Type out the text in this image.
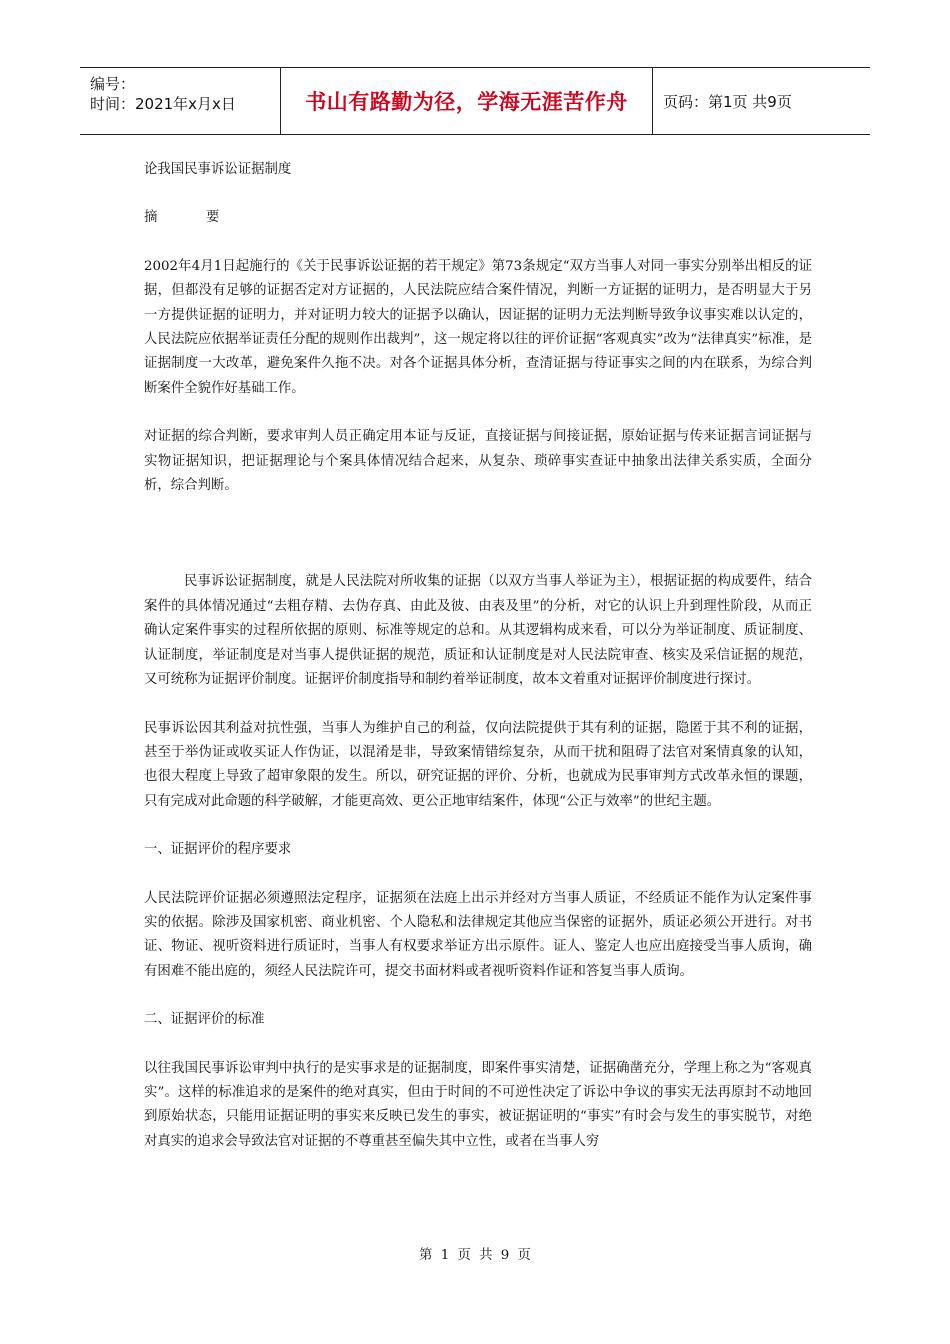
编号：
时间：2021年x月x日	书山有路勤为径，学海无涯苦作舟	页码：第1页 共9页

论我国民事诉讼证据制度

摘	要

2002年4月1日起施行的《关于民事诉讼证据的若干规定》第73条规定“双方当事人对同一事实分别举出相反的证据，但都没有足够的证据否定对方证据的，人民法院应结合案件情况，判断一方证据的证明力，是否明显大于另一方提供证据的证明力，并对证明力较大的证据予以确认，因证据的证明力无法判断导致争议事实难以认定的，人民法院应依据举证责任分配的规则作出裁判”，这一规定将以往的评价证据“客观真实”改为“法律真实”标准，是证据制度一大改革，避免案件久拖不决。对各个证据具体分析，查清证据与待证事实之间的内在联系，为综合判断案件全貌作好基础工作。

对证据的综合判断，要求审判人员正确定用本证与反证，直接证据与间接证据，原始证据与传来证据言词证据与实物证据知识，把证据理论与个案具体情况结合起来，从复杂、琐碎事实查证中抽象出法律关系实质，全面分析，综合判断。

民事诉讼证据制度，就是人民法院对所收集的证据（以双方当事人举证为主），根据证据的构成要件，结合案件的具体情况通过“去粗存精、去伪存真、由此及彼、由表及里”的分析，对它的认识上升到理性阶段，从而正确认定案件事实的过程所依据的原则、标准等规定的总和。从其逻辑构成来看，可以分为举证制度、质证制度、认证制度，举证制度是对当事人提供证据的规范，质证和认证制度是对人民法院审查、核实及采信证据的规范，又可统称为证据评价制度。证据评价制度指导和制约着举证制度，故本文着重对证据评价制度进行探讨。

民事诉讼因其利益对抗性强，当事人为维护自己的利益，仅向法院提供于其有利的证据，隐匿于其不利的证据，甚至于举伪证或收买证人作伪证，以混淆是非，导致案情错综复杂，从而干扰和阻碍了法官对案情真象的认知，也很大程度上导致了超审象限的发生。所以，研究证据的评价、分析，也就成为民事审判方式改革永恒的课题，只有完成对此命题的科学破解，才能更高效、更公正地审结案件，体现“公正与效率”的世纪主题。

一、证据评价的程序要求

人民法院评价证据必须遵照法定程序，证据须在法庭上出示并经对方当事人质证，不经质证不能作为认定案件事实的依据。除涉及国家机密、商业机密、个人隐私和法律规定其他应当保密的证据外，质证必须公开进行。对书证、物证、视听资料进行质证时，当事人有权要求举证方出示原件。证人、鉴定人也应出庭接受当事人质询，确有困难不能出庭的，须经人民法院许可，提交书面材料或者视听资料作证和答复当事人质询。

二、证据评价的标准

以往我国民事诉讼审判中执行的是实事求是的证据制度，即案件事实清楚，证据确凿充分，学理上称之为“客观真实”。这样的标准追求的是案件的绝对真实，但由于时间的不可逆性决定了诉讼中争议的事实无法再原封不动地回到原始状态，只能用证据证明的事实来反映已发生的事实，被证据证明的“事实”有时会与发生的事实脱节，对绝对真实的追求会导致法官对证据的不尊重甚至偏失其中立性，或者在当事人穷

第 1 页 共 9 页
